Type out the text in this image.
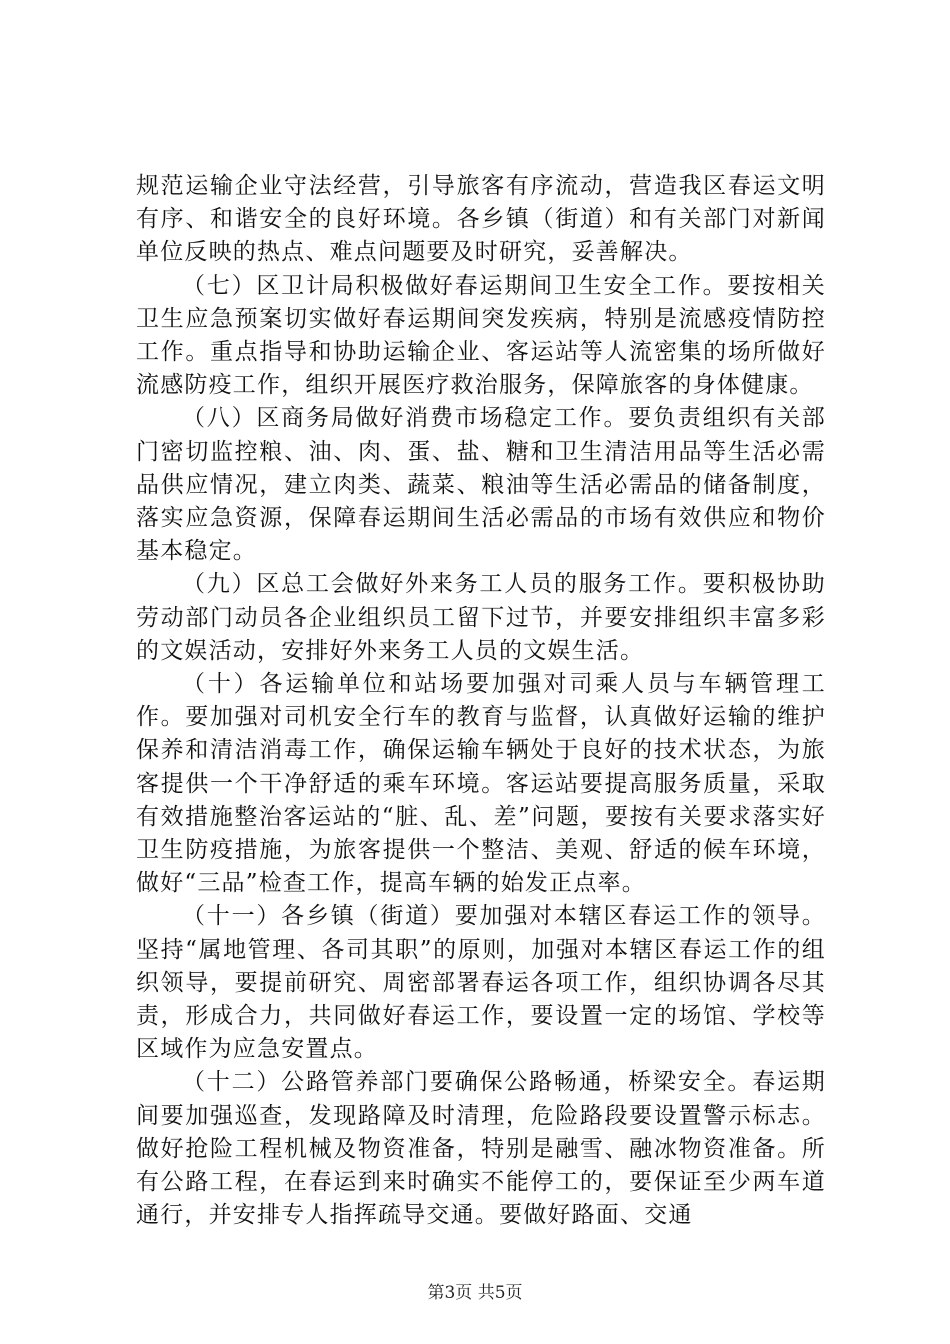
规范运输企业守法经营，引导旅客有序流动，营造我区春运文明有序、和谐安全的良好环境。各乡镇（街道）和有关部门对新闻单位反映的热点、难点问题要及时研究，妥善解决。

（七）区卫计局积极做好春运期间卫生安全工作。要按相关卫生应急预案切实做好春运期间突发疾病，特别是流感疫情防控工作。重点指导和协助运输企业、客运站等人流密集的场所做好流感防疫工作，组织开展医疗救治服务，保障旅客的身体健康。

（八）区商务局做好消费市场稳定工作。要负责组织有关部门密切监控粮、油、肉、蛋、盐、糖和卫生清洁用品等生活必需品供应情况，建立肉类、蔬菜、粮油等生活必需品的储备制度，落实应急资源，保障春运期间生活必需品的市场有效供应和物价基本稳定。

（九）区总工会做好外来务工人员的服务工作。要积极协助劳动部门动员各企业组织员工留下过节，并要安排组织丰富多彩的文娱活动，安排好外来务工人员的文娱生活。

（十）各运输单位和站场要加强对司乘人员与车辆管理工作。要加强对司机安全行车的教育与监督，认真做好运输的维护保养和清洁消毒工作，确保运输车辆处于良好的技术状态，为旅客提供一个干净舒适的乘车环境。客运站要提高服务质量，采取有效措施整治客运站的“脏、乱、差”问题，要按有关要求落实好卫生防疫措施，为旅客提供一个整洁、美观、舒适的候车环境，做好“三品”检查工作，提高车辆的始发正点率。

（十一）各乡镇（街道）要加强对本辖区春运工作的领导。坚持“属地管理、各司其职”的原则，加强对本辖区春运工作的组织领导，要提前研究、周密部署春运各项工作，组织协调各尽其责，形成合力，共同做好春运工作，要设置一定的场馆、学校等区域作为应急安置点。

（十二）公路管养部门要确保公路畅通，桥梁安全。春运期间要加强巡查，发现路障及时清理，危险路段要设置警示标志。做好抢险工程机械及物资准备，特别是融雪、融冰物资准备。所有公路工程，在春运到来时确实不能停工的，要保证至少两车道通行，并安排专人指挥疏导交通。要做好路面、交通

第3页 共5页
